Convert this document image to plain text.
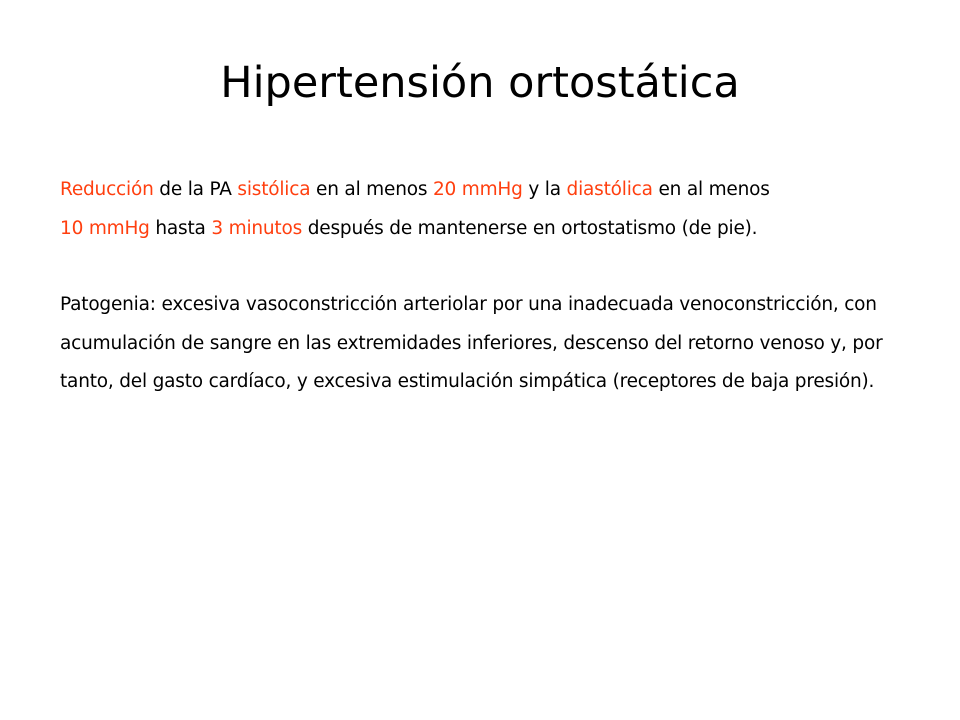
Hipertensión ortostática

Reducción de la PA sistólica en al menos 20 mmHg y la diastólica en al menos
10 mmHg hasta 3 minutos después de mantenerse en ortostatismo (de pie).

Patogenia: excesiva vasoconstricción arteriolar por una inadecuada venoconstricción, con acumulación de sangre en las extremidades inferiores, descenso del retorno venoso y, por tanto, del gasto cardíaco, y excesiva estimulación simpática (receptores de baja presión).
